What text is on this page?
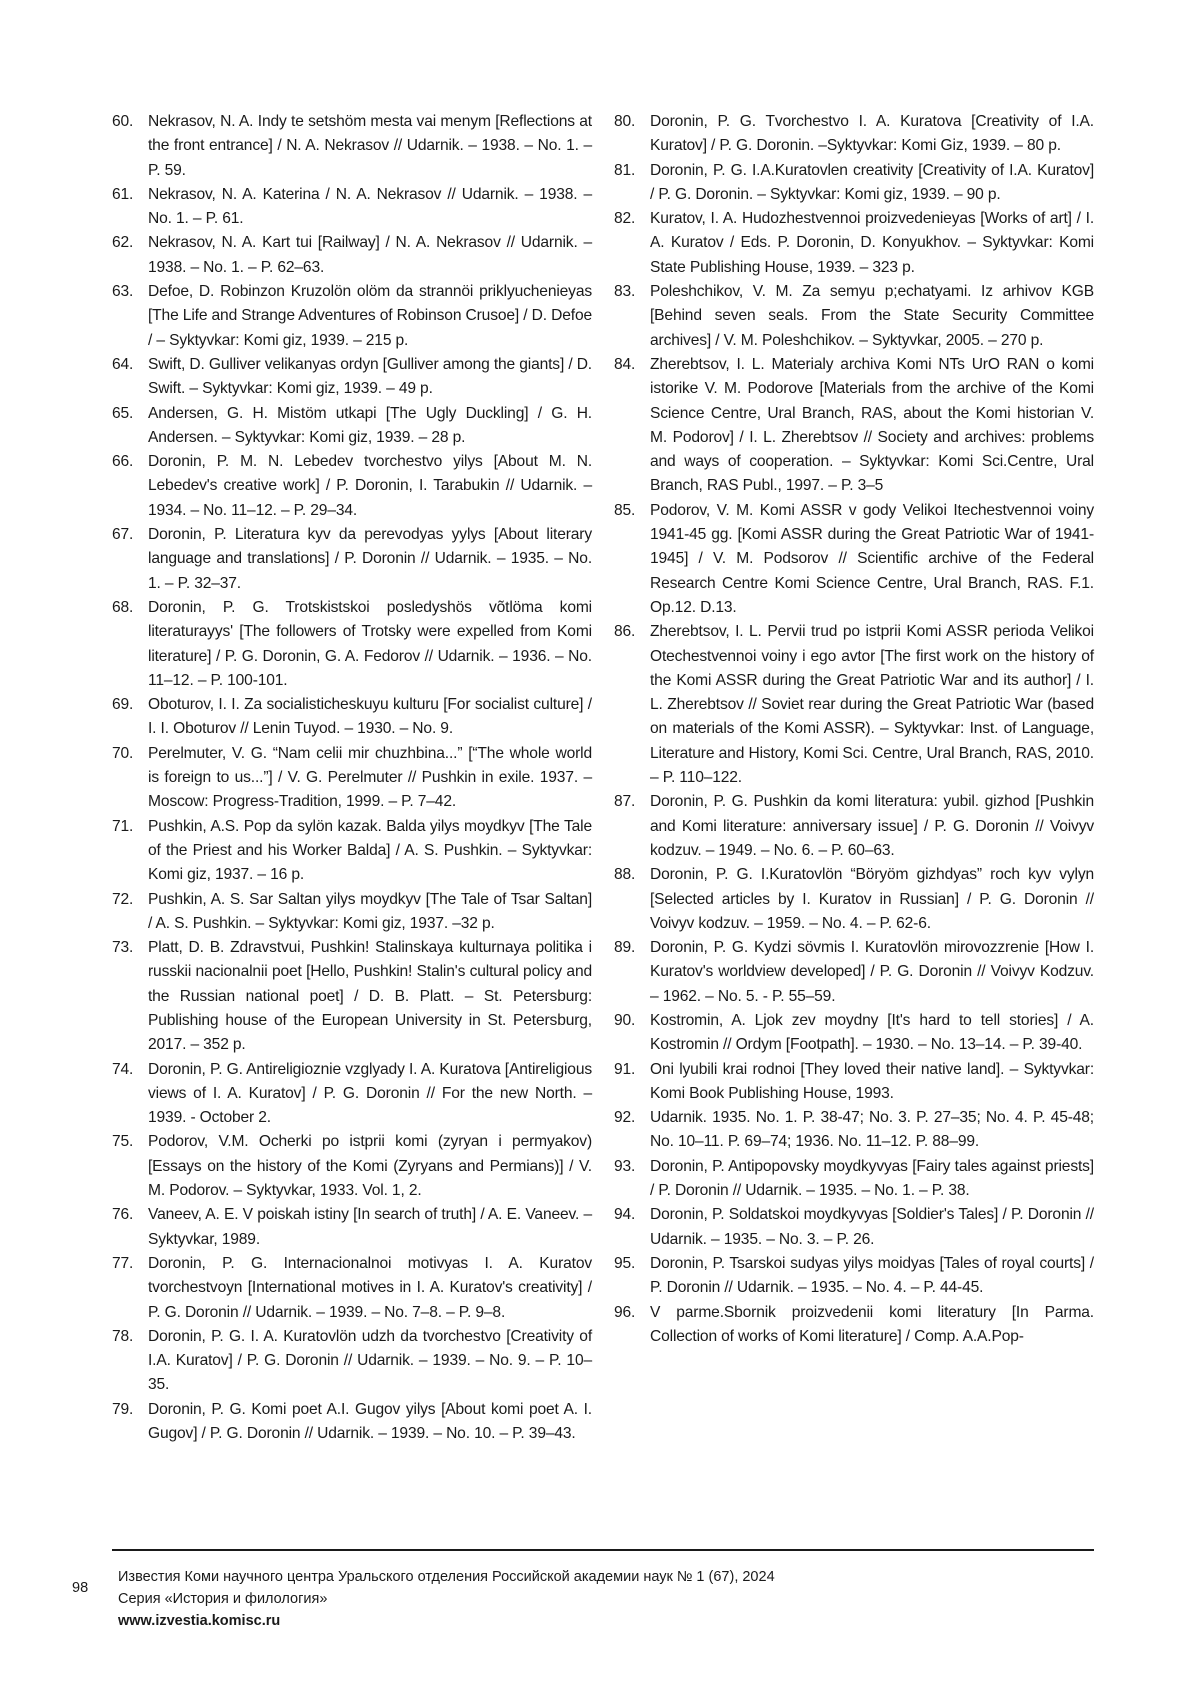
60. Nekrasov, N. A. Indy te setshöm mesta vai menym [Reflections at the front entrance] / N. A. Nekrasov // Udarnik. – 1938. – No. 1. – P. 59.
61. Nekrasov, N. A. Katerina / N. A. Nekrasov // Udarnik. – 1938. – No. 1. – P. 61.
62. Nekrasov, N. A. Kart tui [Railway] / N. A. Nekrasov // Udarnik. – 1938. – No. 1. – P. 62–63.
63. Defoe, D. Robinzon Kruzolön olöm da strannöi priklyuchenieyas [The Life and Strange Adventures of Robinson Crusoe] / D. Defoe / – Syktyvkar: Komi giz, 1939. – 215 p.
64. Swift, D. Gulliver velikanyas ordyn [Gulliver among the giants] / D. Swift. – Syktyvkar: Komi giz, 1939. – 49 p.
65. Andersen, G. H. Mistöm utkapi [The Ugly Duckling] / G. H. Andersen. – Syktyvkar: Komi giz, 1939. – 28 p.
66. Doronin, P. M. N. Lebedev tvorchestvo yilys [About M. N. Lebedev's creative work] / P. Doronin, I. Tarabukin // Udarnik. – 1934. – No. 11–12. – P. 29–34.
67. Doronin, P. Literatura kyv da perevodyas yylys [About literary language and translations] / P. Doronin // Udarnik. – 1935. – No. 1. – P. 32–37.
68. Doronin, P. G. Trotskistskoi posledyshös võtlöma komi literaturayys' [The followers of Trotsky were expelled from Komi literature] / P. G. Doronin, G. A. Fedorov // Udarnik. – 1936. – No. 11–12. – P. 100-101.
69. Oboturov, I. I. Za socialisticheskuyu kulturu [For socialist culture] / I. I. Oboturov // Lenin Tuyod. – 1930. – No. 9.
70. Perelmuter, V. G. “Nam celii mir chuzhbina...” [“The whole world is foreign to us...”] / V. G. Perelmuter // Pushkin in exile. 1937. – Moscow: Progress-Tradition, 1999. – P. 7–42.
71. Pushkin, A.S. Pop da sylön kazak. Balda yilys moydkyv [The Tale of the Priest and his Worker Balda] / A. S. Pushkin. – Syktyvkar: Komi giz, 1937. – 16 p.
72. Pushkin, A. S. Sar Saltan yilys moydkyv [The Tale of Tsar Saltan] / A. S. Pushkin. – Syktyvkar: Komi giz, 1937. –32 p.
73. Platt, D. B. Zdravstvui, Pushkin! Stalinskaya kulturnaya politika i russkii nacionalnii poet [Hello, Pushkin! Stalin's cultural policy and the Russian national poet] / D. B. Platt. – St. Petersburg: Publishing house of the European University in St. Petersburg, 2017. – 352 p.
74. Doronin, P. G. Antireligioznie vzglyady I. A. Kuratova [Antireligious views of I. A. Kuratov] / P. G. Doronin // For the new North. – 1939. - October 2.
75. Podorov, V.M. Ocherki po istprii komi (zyryan i permyakov) [Essays on the history of the Komi (Zyryans and Permians)] / V. M. Podorov. – Syktyvkar, 1933. Vol. 1, 2.
76. Vaneev, A. E. V poiskah istiny [In search of truth] / A. E. Vaneev. – Syktyvkar, 1989.
77. Doronin, P. G. Internacionalnoi motivyas I. A. Kuratov tvorchestvoyn [International motives in I. A. Kuratov's creativity] / P. G. Doronin // Udarnik. – 1939. – No. 7–8. – P. 9–8.
78. Doronin, P. G. I. A. Kuratovlön udzh da tvorchestvo [Creativity of I.A. Kuratov] / P. G. Doronin // Udarnik. – 1939. – No. 9. – P. 10–35.
79. Doronin, P. G. Komi poet A.I. Gugov yilys [About komi poet A. I. Gugov] / P. G. Doronin // Udarnik. – 1939. – No. 10. – P. 39–43.
80. Doronin, P. G. Tvorchestvo I. A. Kuratova [Creativity of I.A. Kuratov] / P. G. Doronin. –Syktyvkar: Komi Giz, 1939. – 80 p.
81. Doronin, P. G. I.A.Kuratovlen creativity [Creativity of I.A. Kuratov] / P. G. Doronin. – Syktyvkar: Komi giz, 1939. – 90 p.
82. Kuratov, I. A. Hudozhestvennoi proizvedenieyas [Works of art] / I. A. Kuratov / Eds. P. Doronin, D. Konyukhov. – Syktyvkar: Komi State Publishing House, 1939. – 323 p.
83. Poleshchikov, V. M. Za semyu p;echatyami. Iz arhivov KGB [Behind seven seals. From the State Security Committee archives] / V. M. Poleshchikov. – Syktyvkar, 2005. – 270 p.
84. Zherebtsov, I. L. Materialy archiva Komi NTs UrO RAN o komi istorike V. M. Podorove [Materials from the archive of the Komi Science Centre, Ural Branch, RAS, about the Komi historian V. M. Podorov] / I. L. Zherebtsov // Society and archives: problems and ways of cooperation. – Syktyvkar: Komi Sci.Centre, Ural Branch, RAS Publ., 1997. – P. 3–5
85. Podorov, V. M. Komi ASSR v gody Velikoi Itechestvennoi voiny 1941-45 gg. [Komi ASSR during the Great Patriotic War of 1941-1945] / V. M. Podsorov // Scientific archive of the Federal Research Centre Komi Science Centre, Ural Branch, RAS. F.1. Op.12. D.13.
86. Zherebtsov, I. L. Pervii trud po istprii Komi ASSR perioda Velikoi Otechestvennoi voiny i ego avtor [The first work on the history of the Komi ASSR during the Great Patriotic War and its author] / I. L. Zherebtsov // Soviet rear during the Great Patriotic War (based on materials of the Komi ASSR). – Syktyvkar: Inst. of Language, Literature and History, Komi Sci. Centre, Ural Branch, RAS, 2010. – P. 110–122.
87. Doronin, P. G. Pushkin da komi literatura: yubil. gizhod [Pushkin and Komi literature: anniversary issue] / P. G. Doronin // Voivyv kodzuv. – 1949. – No. 6. – P. 60–63.
88. Doronin, P. G. I.Kuratovlön “Böryöm gizhdyas” roch kyv vylyn [Selected articles by I. Kuratov in Russian] / P. G. Doronin // Voivyv kodzuv. – 1959. – No. 4. – P. 62-6.
89. Doronin, P. G. Kydzi sövmis I. Kuratovlön mirovozzrenie [How I. Kuratov's worldview developed] / P. G. Doronin // Voivyv Kodzuv. – 1962. – No. 5. - P. 55–59.
90. Kostromin, A. Ljok zev moydny [It's hard to tell stories] / A. Kostromin // Ordym [Footpath]. – 1930. – No. 13–14. – P. 39-40.
91. Oni lyubili krai rodnoi [They loved their native land]. – Syktyvkar: Komi Book Publishing House, 1993.
92. Udarnik. 1935. No. 1. P. 38-47; No. 3. P. 27–35; No. 4. P. 45-48; No. 10–11. P. 69–74; 1936. No. 11–12. P. 88–99.
93. Doronin, P. Antipopovsky moydkyvyas [Fairy tales against priests] / P. Doronin // Udarnik. – 1935. – No. 1. – P. 38.
94. Doronin, P. Soldatskoi moydkyvyas [Soldier's Tales] / P. Doronin // Udarnik. – 1935. – No. 3. – P. 26.
95. Doronin, P. Tsarskoi sudyas yilys moidyas [Tales of royal courts] / P. Doronin // Udarnik. – 1935. – No. 4. – P. 44-45.
96. V parme.Sbornik proizvedenii komi literatury [In Parma. Collection of works of Komi literature] / Comp. A.A.Pop-
98
Известия Коми научного центра Уральского отделения Российской академии наук № 1 (67), 2024
Серия «История и филология»
www.izvestia.komisc.ru
